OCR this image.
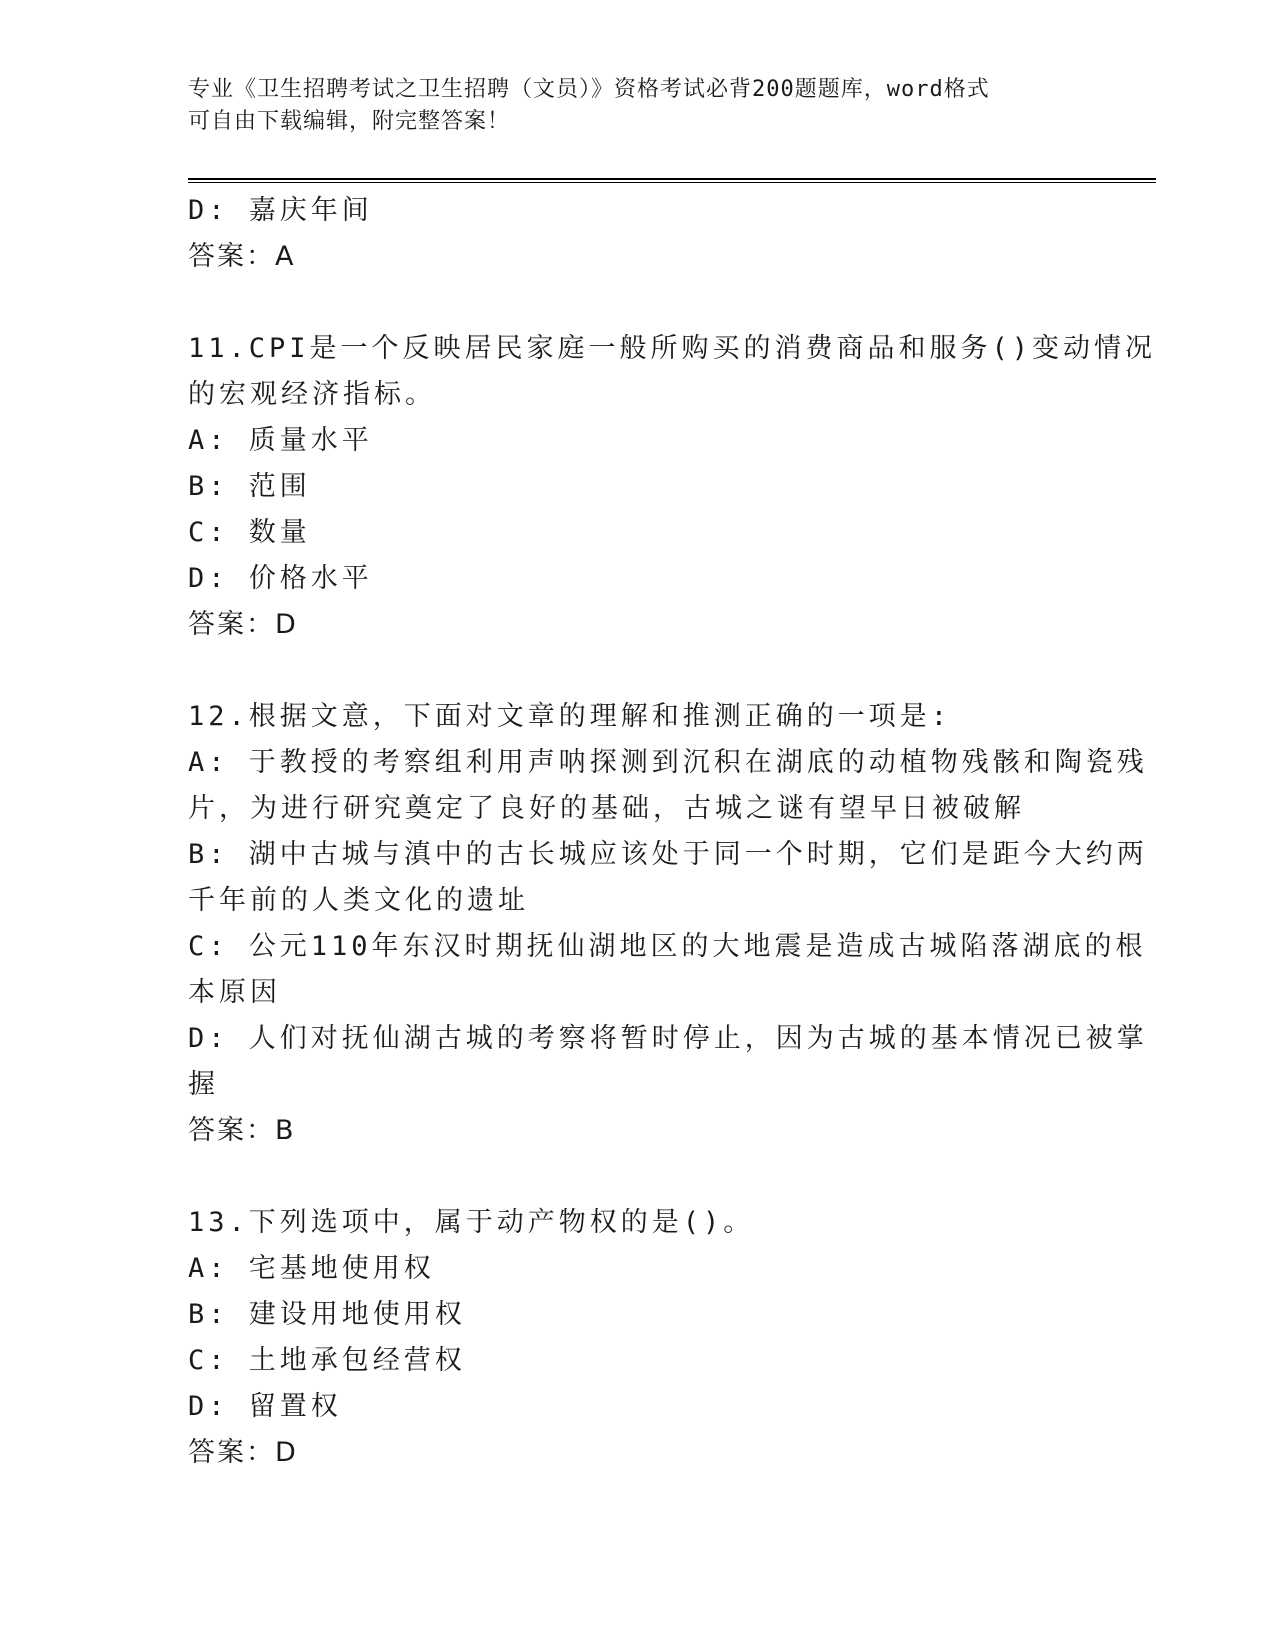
专业《卫生招聘考试之卫生招聘（文员）》资格考试必背200题题库，word格式
可自由下载编辑，附完整答案！
D: 嘉庆年间
答案：A
11.CPI是一个反映居民家庭一般所购买的消费商品和服务()变动情况
的宏观经济指标。
A: 质量水平
B: 范围
C: 数量
D: 价格水平
答案：D
12.根据文意，下面对文章的理解和推测正确的一项是:
A: 于教授的考察组利用声呐探测到沉积在湖底的动植物残骸和陶瓷残
片，为进行研究奠定了良好的基础，古城之谜有望早日被破解
B: 湖中古城与滇中的古长城应该处于同一个时期，它们是距今大约两
千年前的人类文化的遗址
C: 公元110年东汉时期抚仙湖地区的大地震是造成古城陷落湖底的根
本原因
D: 人们对抚仙湖古城的考察将暂时停止，因为古城的基本情况已被掌
握
答案：B
13.下列选项中，属于动产物权的是()。
A: 宅基地使用权
B: 建设用地使用权
C: 土地承包经营权
D: 留置权
答案：D
